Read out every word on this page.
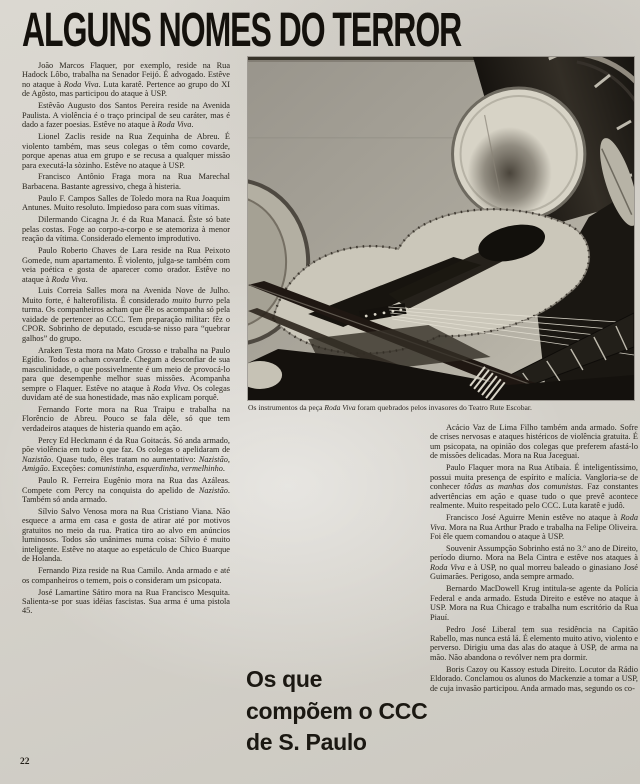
ALGUNS NOMES DO TERROR

João Marcos Flaquer, por exemplo, reside na Rua Hadock Lôbo, trabalha na Senador Feijó. É advogado. Estêve no ataque à Roda Viva. Luta karatê. Pertence ao grupo do XI de Agôsto, mas participou do ataque à USP.

Estêvão Augusto dos Santos Pereira reside na Avenida Paulista. A violência é o traço principal de seu caráter, mas é dado a fazer poesias. Estêve no ataque à Roda Viva.

Lionel Zaclis reside na Rua Zequinha de Abreu. É violento também, mas seus colegas o têm como covarde, porque apenas atua em grupo e se recusa a qualquer missão para executá-la sòzinho. Estêve no ataque à USP.

Francisco Antônio Fraga mora na Rua Marechal Barbacena. Bastante agressivo, chega à histeria.

Paulo F. Campos Salles de Toledo mora na Rua Joaquim Antunes. Muito resoluto. Impiedoso para com suas vítimas.

Dilermando Cicagna Jr. é da Rua Manacá. Êste só bate pelas costas. Foge ao corpo-a-corpo e se atemoriza à menor reação da vítima. Considerado elemento improdutivo.

Paulo Roberto Chaves de Lara reside na Rua Peixoto Gomede, num apartamento. É violento, julga-se também com veia poética e gosta de aparecer como orador. Estêve no ataque à Roda Viva.

Luis Correia Salles mora na Avenida Nove de Julho. Muito forte, é halterofilista. É considerado muito burro pela turma. Os companheiros acham que êle os acompanha só pela vaidade de pertencer ao CCC. Tem preparação militar: fêz o CPOR. Sobrinho de deputado, escuda-se nisso para “quebrar galhos” do grupo.

Araken Testa mora na Mato Grosso e trabalha na Paulo Egídio. Todos o acham covarde. Chegam a desconfiar de sua masculinidade, o que possivelmente é um meio de provocá-lo para que desempenhe melhor suas missões. Acompanha sempre o Flaquer. Estêve no ataque à Roda Viva. Os colegas duvidam até de sua honestidade, mas não explicam porquê.

Fernando Forte mora na Rua Traipu e trabalha na Florêncio de Abreu. Pouco se fala dêle, só que tem verdadeiros ataques de histeria quando em ação.

Percy Ed Heckmann é da Rua Goitacás. Só anda armado, põe violência em tudo o que faz. Os colegas o apelidaram de Nazistão. Quase tudo, êles tratam no aumentativo: Nazistão, Amigão. Exceções: comunistinha, esquerdinha, vermelhinho.

Paulo R. Ferreira Eugênio mora na Rua das Azáleas. Compete com Percy na conquista do apelido de Nazistão. Também só anda armado.

Sílvio Salvo Venosa mora na Rua Cristiano Viana. Não esquece a arma em casa e gosta de atirar até por motivos gratuitos no meio da rua. Pratica tiro ao alvo em anúncios luminosos. Todos são unânimes numa coisa: Sílvio é muito inteligente. Estêve no ataque ao espetáculo de Chico Buarque de Holanda.

Fernando Piza reside na Rua Camilo. Anda armado e até os companheiros o temem, pois o consideram um psicopata.

José Lamartine Sátiro mora na Rua Francisco Mesquita. Salienta-se por suas idéias fascistas. Sua arma é uma pistola 45.

Os instrumentos da peça Roda Viva foram quebrados pelos invasores do Teatro Rute Escobar.

Acácio Vaz de Lima Filho também anda armado. Sofre de crises nervosas e ataques histéricos de violência gratuita. É um psicopata, na opinião dos colegas que preferem afastá-lo de missões delicadas. Mora na Rua Jaceguai.

Paulo Flaquer mora na Rua Atibaia. É inteligentíssimo, possui muita presença de espírito e malícia. Vangloria-se de conhecer tôdas as manhas dos comunistas. Faz constantes advertências em ação e quase tudo o que prevê acontece realmente. Muito respeitado pelo CCC. Luta karatê e judô.

Francisco José Aguirre Menin estêve no ataque à Roda Viva. Mora na Rua Arthur Prado e trabalha na Felipe Oliveira. Foi êle quem comandou o ataque à USP.

Souvenir Assumpção Sobrinho está no 3.º ano de Direito, período diurno. Mora na Bela Cintra e estêve nos ataques à Roda Viva e à USP, no qual morreu baleado o ginasiano José Guimarães. Perigoso, anda sempre armado.

Bernardo MacDowell Krug intitula-se agente da Polícia Federal e anda armado. Estuda Direito e estêve no ataque à USP. Mora na Rua Chicago e trabalha num escritório da Rua Piauí.

Pedro José Liberal tem sua residência na Capitão Rabello, mas nunca está lá. É elemento muito ativo, violento e perverso. Dirigiu uma das alas do ataque à USP, de arma na mão. Não abandona o revólver nem pra dormir.

Boris Cazoy ou Kassoy estuda Direito. Locutor da Rádio Eldorado. Conclamou os alunos do Mackenzie a tomar a USP, de cuja invasão participou. Anda armado mas, segundo os co-

Os que
compõem o CCC
de S. Paulo
22
